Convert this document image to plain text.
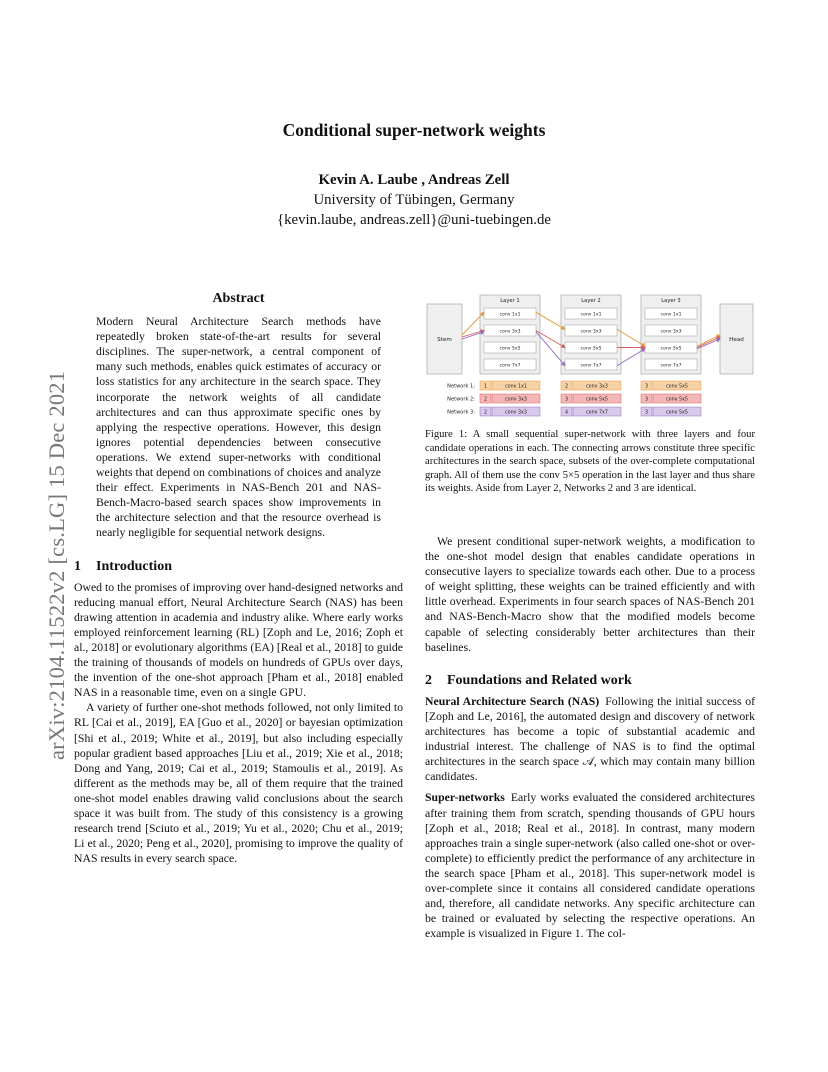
arXiv:2104.11522v2 [cs.LG] 15 Dec 2021
Conditional super-network weights
Kevin A. Laube , Andreas Zell
University of Tübingen, Germany
{kevin.laube, andreas.zell}@uni-tuebingen.de

Abstract

Modern Neural Architecture Search methods have repeatedly broken state-of-the-art results for several disciplines. The super-network, a central component of many such methods, enables quick estimates of accuracy or loss statistics for any architecture in the search space. They incorporate the network weights of all candidate architectures and can thus approximate specific ones by applying the respective operations. However, this design ignores potential dependencies between consecutive operations. We extend super-networks with conditional weights that depend on combinations of choices and analyze their effect. Experiments in NAS-Bench 201 and NAS-Bench-Macro-based search spaces show improvements in the architecture selection and that the resource overhead is nearly negligible for sequential network designs.

1 Introduction

Owed to the promises of improving over hand-designed networks and reducing manual effort, Neural Architecture Search (NAS) has been drawing attention in academia and industry alike. Where early works employed reinforcement learning (RL) [Zoph and Le, 2016; Zoph et al., 2018] or evolutionary algorithms (EA) [Real et al., 2018] to guide the training of thousands of models on hundreds of GPUs over days, the invention of the one-shot approach [Pham et al., 2018] enabled NAS in a reasonable time, even on a single GPU.

A variety of further one-shot methods followed, not only limited to RL [Cai et al., 2019], EA [Guo et al., 2020] or bayesian optimization [Shi et al., 2019; White et al., 2019], but also including especially popular gradient based approaches [Liu et al., 2019; Xie et al., 2018; Dong and Yang, 2019; Cai et al., 2019; Stamoulis et al., 2019]. As different as the methods may be, all of them require that the trained one-shot model enables drawing valid conclusions about the search space it was built from. The study of this consistency is a growing research trend [Sciuto et al., 2019; Yu et al., 2020; Chu et al., 2019; Li et al., 2020; Peng et al., 2020], promising to improve the quality of NAS results in every search space.

Layer 1
conv 1x1
conv 3x3
conv 5x5
conv 7x7
Layer 2
conv 1x1
conv 3x3
conv 5x5
conv 7x7
Layer 3
conv 1x1
conv 3x3
conv 5x5
conv 7x7
Stem	Head
Network 1: 1	conv 1x1	2	conv 3x3	3	conv 5x5
Network 2: 2	conv 3x3	3	conv 5x5	3	conv 5x5
Network 3: 2	conv 3x3	4	conv 7x7	3	conv 5x5
Figure 1: A small sequential super-network with three layers and four candidate operations in each. The connecting arrows constitute three specific architectures in the search space, subsets of the over-complete computational graph. All of them use the conv 5×5 operation in the last layer and thus share its weights. Aside from Layer 2, Networks 2 and 3 are identical.

We present conditional super-network weights, a modification to the one-shot model design that enables candidate operations in consecutive layers to specialize towards each other. Due to a process of weight splitting, these weights can be trained efficiently and with little overhead. Experiments in four search spaces of NAS-Bench 201 and NAS-Bench-Macro show that the modified models become capable of selecting considerably better architectures than their baselines.

2 Foundations and Related work

Neural Architecture Search (NAS) Following the initial success of [Zoph and Le, 2016], the automated design and discovery of network architectures has become a topic of substantial academic and industrial interest. The challenge of NAS is to find the optimal architectures in the search space 𝒜, which may contain many billion candidates.

Super-networks Early works evaluated the considered architectures after training them from scratch, spending thousands of GPU hours [Zoph et al., 2018; Real et al., 2018]. In contrast, many modern approaches train a single super-network (also called one-shot or over-complete) to efficiently predict the performance of any architecture in the search space [Pham et al., 2018]. This super-network model is over-complete since it contains all considered candidate operations and, therefore, all candidate networks. Any specific architecture can be trained or evaluated by selecting the respective operations. An example is visualized in Figure 1. The col-
